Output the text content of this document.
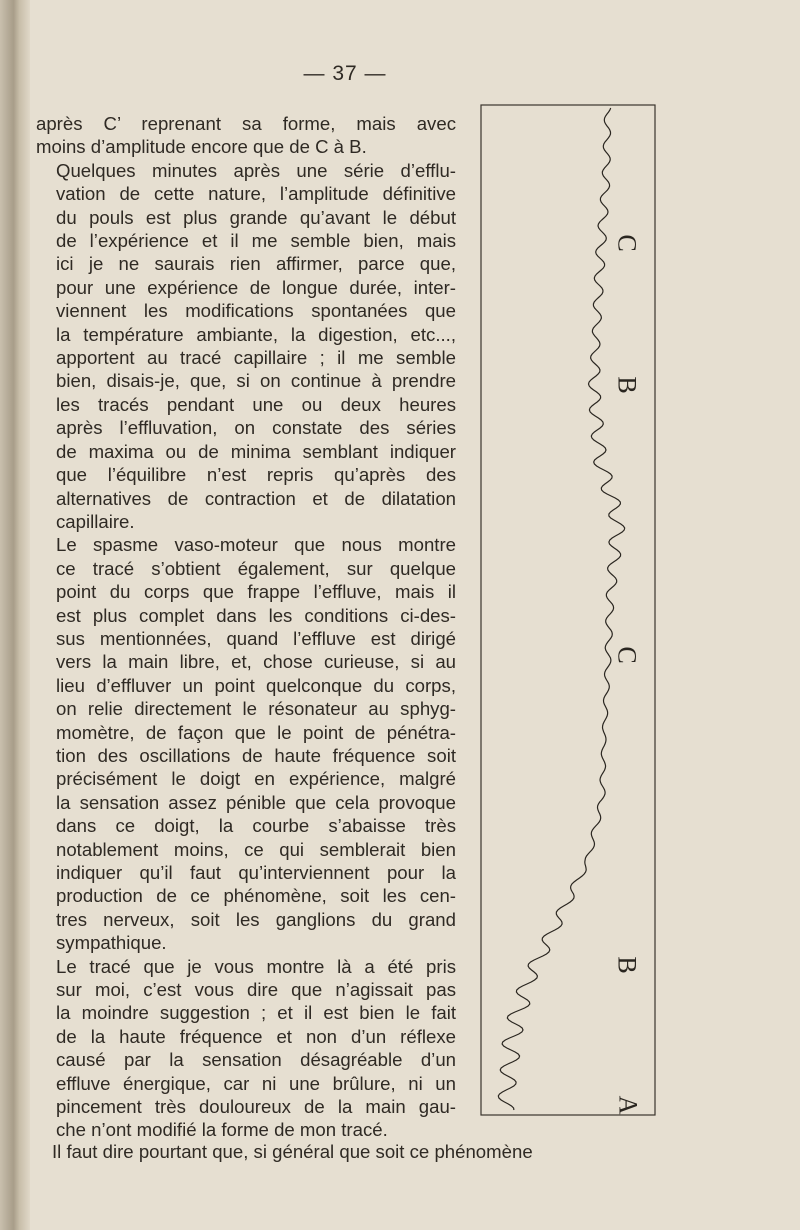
— 37 —

après C’ reprenant sa forme, mais avec
moins d’amplitude encore que de C à B.

Quelques minutes après une série d’efflu-
vation de cette nature, l’amplitude définitive
du pouls est plus grande qu’avant le début
de l’expérience et il me semble bien, mais
ici je ne saurais rien affirmer, parce que,
pour une expérience de longue durée, inter-
viennent les modifications spontanées que
la température ambiante, la digestion, etc...,
apportent au tracé capillaire ; il me semble
bien, disais-je, que, si on continue à prendre
les tracés pendant une ou deux heures
après l’effluvation, on constate des séries
de maxima ou de minima semblant indiquer
que l’équilibre n’est repris qu’après des
alternatives de contraction et de dilatation
capillaire.

Le spasme vaso-moteur que nous montre
ce tracé s’obtient également, sur quelque
point du corps que frappe l’effluve, mais il
est plus complet dans les conditions ci-des-
sus mentionnées, quand l’effluve est dirigé
vers la main libre, et, chose curieuse, si au
lieu d’effluver un point quelconque du corps,
on relie directement le résonateur au sphyg-
momètre, de façon que le point de pénétra-
tion des oscillations de haute fréquence soit
précisément le doigt en expérience, malgré
la sensation assez pénible que cela provoque
dans ce doigt, la courbe s’abaisse très
notablement moins, ce qui semblerait bien
indiquer qu’il faut qu’interviennent pour la
production de ce phénomène, soit les cen-
tres nerveux, soit les ganglions du grand
sympathique.

Le tracé que je vous montre là a été pris
sur moi, c’est vous dire que n’agissait pas
la moindre suggestion ; et il est bien le fait
de la haute fréquence et non d’un réflexe
causé par la sensation désagréable d’un
effluve énergique, car ni une brûlure, ni un
pincement très douloureux de la main gau-
che n’ont modifié la forme de mon tracé.

Il faut dire pourtant que, si général que soit ce phénomène
C
B
C
B
A
